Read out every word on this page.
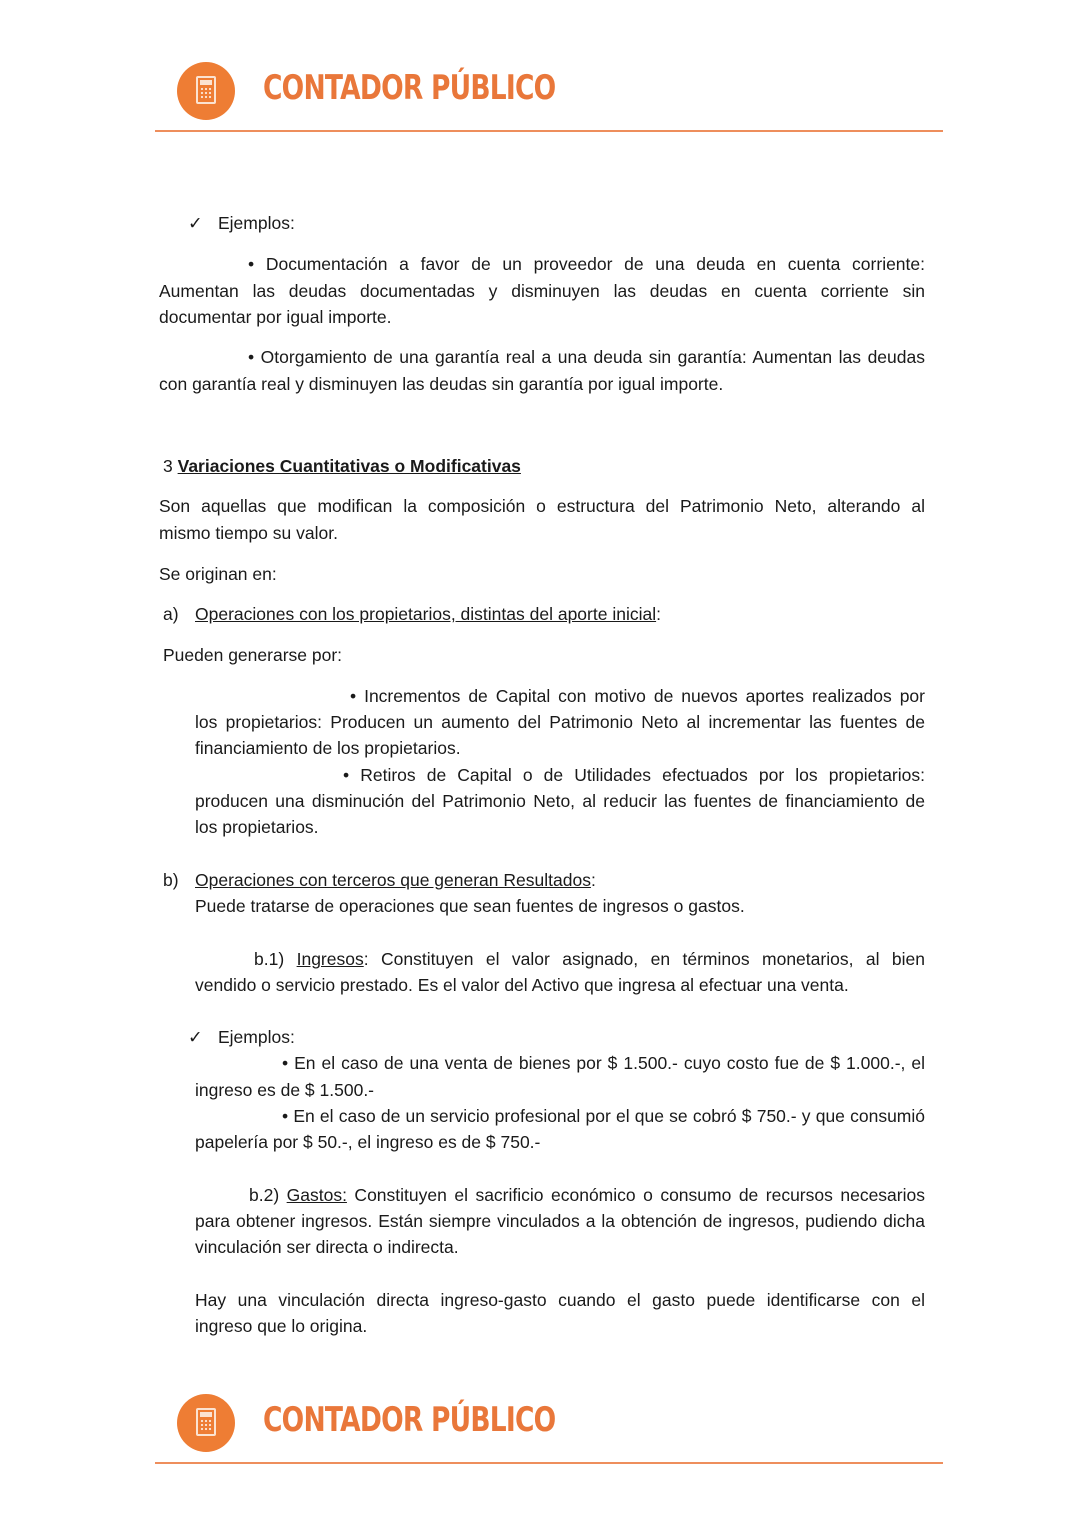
CONTADOR PÚBLICO
✓ Ejemplos:
• Documentación a favor de un proveedor de una deuda en cuenta corriente:
Aumentan las deudas documentadas y disminuyen las deudas en cuenta corriente sin
documentar por igual importe.
• Otorgamiento de una garantía real a una deuda sin garantía: Aumentan las deudas
con garantía real y disminuyen las deudas sin garantía por igual importe.
3 Variaciones Cuantitativas o Modificativas
Son aquellas que modifican la composición o estructura del Patrimonio Neto, alterando al
mismo tiempo su valor.
Se originan en:
a) Operaciones con los propietarios, distintas del aporte inicial:
Pueden generarse por:
• Incrementos de Capital con motivo de nuevos aportes realizados por
los propietarios: Producen un aumento del Patrimonio Neto al incrementar las fuentes de
financiamiento de los propietarios.
• Retiros de Capital o de Utilidades efectuados por los propietarios:
producen una disminución del Patrimonio Neto, al reducir las fuentes de financiamiento de
los propietarios.
b) Operaciones con terceros que generan Resultados:
Puede tratarse de operaciones que sean fuentes de ingresos o gastos.
b.1) Ingresos: Constituyen el valor asignado, en términos monetarios, al bien
vendido o servicio prestado. Es el valor del Activo que ingresa al efectuar una venta.
✓ Ejemplos:
• En el caso de una venta de bienes por $ 1.500.- cuyo costo fue de $ 1.000.-, el
ingreso es de $ 1.500.-
• En el caso de un servicio profesional por el que se cobró $ 750.- y que consumió
papelería por $ 50.-, el ingreso es de $ 750.-
b.2) Gastos: Constituyen el sacrificio económico o consumo de recursos necesarios
para obtener ingresos. Están siempre vinculados a la obtención de ingresos, pudiendo dicha
vinculación ser directa o indirecta.
Hay una vinculación directa ingreso-gasto cuando el gasto puede identificarse con el
ingreso que lo origina.
CONTADOR PÚBLICO
